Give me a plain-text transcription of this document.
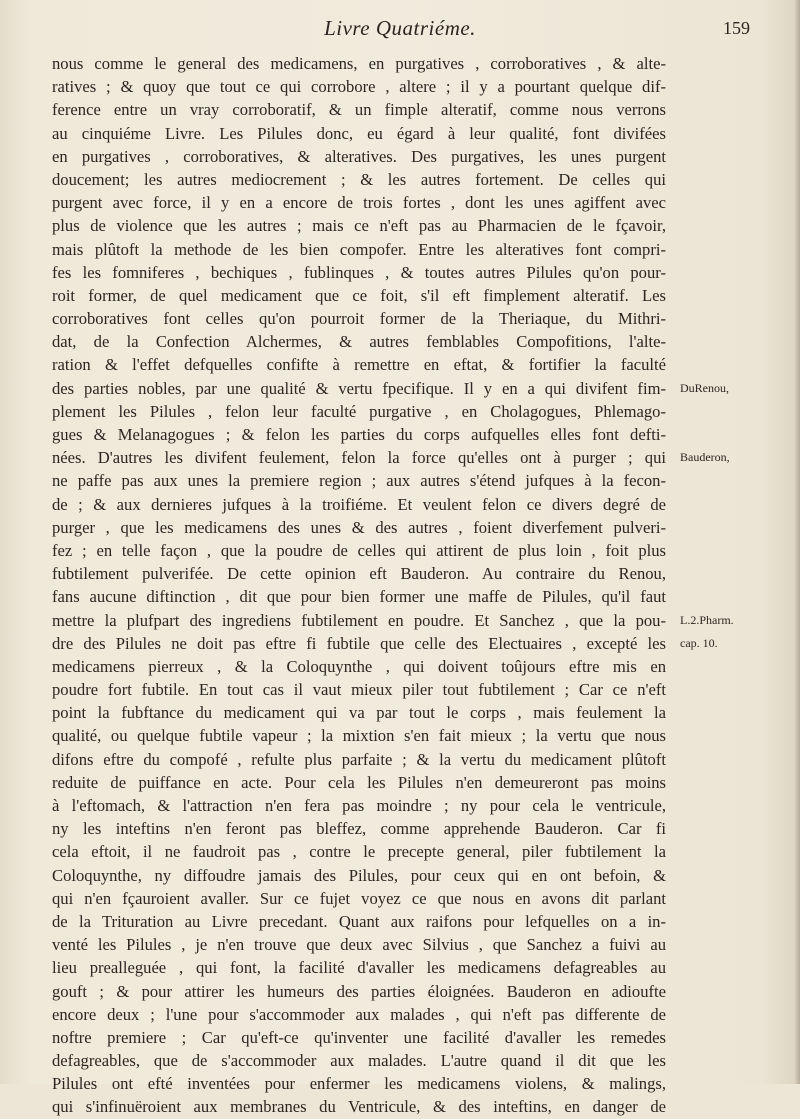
Livre Quatriéme.	159
nous comme le general des medicamens, en purgatives , corroboratives , & alte-
ratives ; & quoy que tout ce qui corrobore , altere ; il y a pourtant quelque dif-
ference entre un vray corroboratif, & un fimple alteratif, comme nous verrons
au cinquiéme Livre. Les Pilules donc, eu égard à leur qualité, font divifées
en purgatives , corroboratives, & alteratives. Des purgatives, les unes purgent
doucement; les autres mediocrement ; & les autres fortement. De celles qui
purgent avec force, il y en a encore de trois fortes , dont les unes agiffent avec
plus de violence que les autres ; mais ce n'eft pas au Pharmacien de le fçavoir,
mais plûtoft la methode de les bien compofer. Entre les alteratives font compri-
fes les fomniferes , bechiques , fublinques , & toutes autres Pilules qu'on pour-
roit former, de quel medicament que ce foit, s'il eft fimplement alteratif. Les
corroboratives font celles qu'on pourroit former de la Theriaque, du Mithri-
dat, de la Confection Alchermes, & autres femblables Compofitions, l'alte-
ration & l'effet defquelles confifte à remettre en eftat, & fortifier la faculté
des parties nobles, par une qualité & vertu fpecifique. Il y en a qui divifent fim-
plement les Pilules , felon leur faculté purgative , en Cholagogues, Phlemago-
gues & Melanagogues ; & felon les parties du corps aufquelles elles font defti-
nées. D'autres les divifent feulement, felon la force qu'elles ont à purger ; qui
ne paffe pas aux unes la premiere region ; aux autres s'étend jufques à la fecon-
de ; & aux dernieres jufques à la troifiéme. Et veulent felon ce divers degré de
purger , que les medicamens des unes & des autres , foient diverfement pulveri-
fez ; en telle façon , que la poudre de celles qui attirent de plus loin , foit plus
fubtilement pulverifée. De cette opinion eft Bauderon. Au contraire du Renou,
fans aucune diftinction , dit que pour bien former une maffe de Pilules, qu'il faut
mettre la plufpart des ingrediens fubtilement en poudre. Et Sanchez , que la pou-
dre des Pilules ne doit pas eftre fi fubtile que celle des Electuaires , excepté les
medicamens pierreux , & la Coloquynthe , qui doivent toûjours eftre mis en
poudre fort fubtile. En tout cas il vaut mieux piler tout fubtilement ; Car ce n'eft
point la fubftance du medicament qui va par tout le corps , mais feulement la
qualité, ou quelque fubtile vapeur ; la mixtion s'en fait mieux ; la vertu que nous
difons eftre du compofé , refulte plus parfaite ; & la vertu du medicament plûtoft
reduite de puiffance en acte. Pour cela les Pilules n'en demeureront pas moins
à l'eftomach, & l'attraction n'en fera pas moindre ; ny pour cela le ventricule,
ny les inteftins n'en feront pas bleffez, comme apprehende Bauderon. Car fi
cela eftoit, il ne faudroit pas , contre le precepte general, piler fubtilement la
Coloquynthe, ny diffoudre jamais des Pilules, pour ceux qui en ont befoin, &
qui n'en fçauroient avaller. Sur ce fujet voyez ce que nous en avons dit parlant
de la Trituration au Livre precedant. Quant aux raifons pour lefquelles on a in-
venté les Pilules , je n'en trouve que deux avec Silvius , que Sanchez a fuivi au
lieu prealleguée , qui font, la facilité d'avaller les medicamens defagreables au
gouft ; & pour attirer les humeurs des parties éloignées. Bauderon en adioufte
encore deux ; l'une pour s'accommoder aux malades , qui n'eft pas differente de
noftre premiere ; Car qu'eft-ce qu'inventer une facilité d'avaller les remedes
defagreables, que de s'accommoder aux malades. L'autre quand il dit que les
Pilules ont efté inventées pour enfermer les medicamens violens, & malings,
qui s'infinuëroient aux membranes du Ventricule, & des inteftins, en danger de
DuRenou,
Bauderon,
L.2.Pharm.
cap. 10.
